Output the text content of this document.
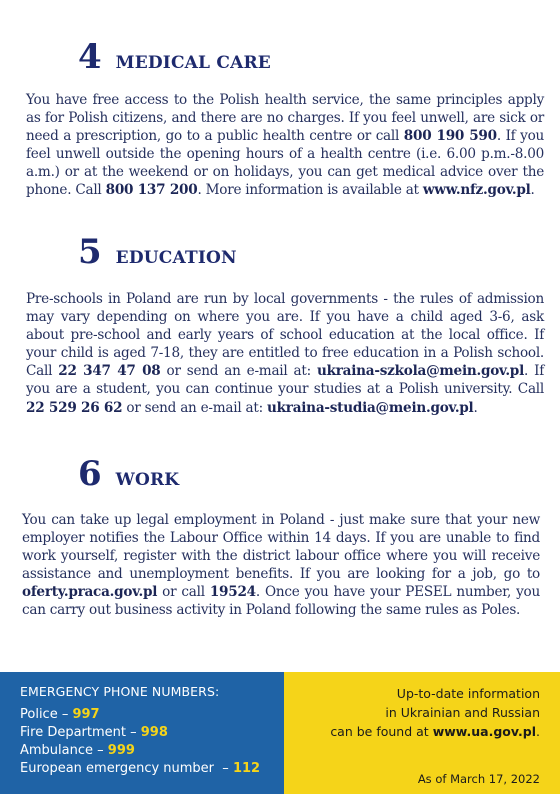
4 MEDICAL CARE

You have free access to the Polish health service, the same principles apply as for Polish citizens, and there are no charges. If you feel unwell, are sick or need a prescription, go to a public health centre or call 800 190 590. If you feel unwell outside the opening hours of a health centre (i.e. 6.00 p.m.-8.00 a.m.) or at the weekend or on holidays, you can get medical advice over the phone. Call 800 137 200. More information is available at www.nfz.gov.pl.

5 EDUCATION

Pre-schools in Poland are run by local governments - the rules of admission may vary depending on where you are. If you have a child aged 3-6, ask about pre-school and early years of school education at the local office. If your child is aged 7-18, they are entitled to free education in a Polish school. Call 22 347 47 08 or send an e-mail at: ukraina-szkola@mein.gov.pl. If you are a student, you can continue your studies at a Polish university. Call 22 529 26 62 or send an e-mail at: ukraina-studia@mein.gov.pl.

6 WORK

You can take up legal employment in Poland - just make sure that your new employer notifies the Labour Office within 14 days. If you are unable to find work yourself, register with the district labour office where you will receive assistance and unemployment benefits. If you are looking for a job, go to oferty.praca.gov.pl or call 19524. Once you have your PESEL number, you can carry out business activity in Poland following the same rules as Poles.

EMERGENCY PHONE NUMBERS:
Police – 997
Fire Department – 998
Ambulance – 999
European emergency number  – 112
Up-to-date information
in Ukrainian and Russian
can be found at www.ua.gov.pl.
As of March 17, 2022
